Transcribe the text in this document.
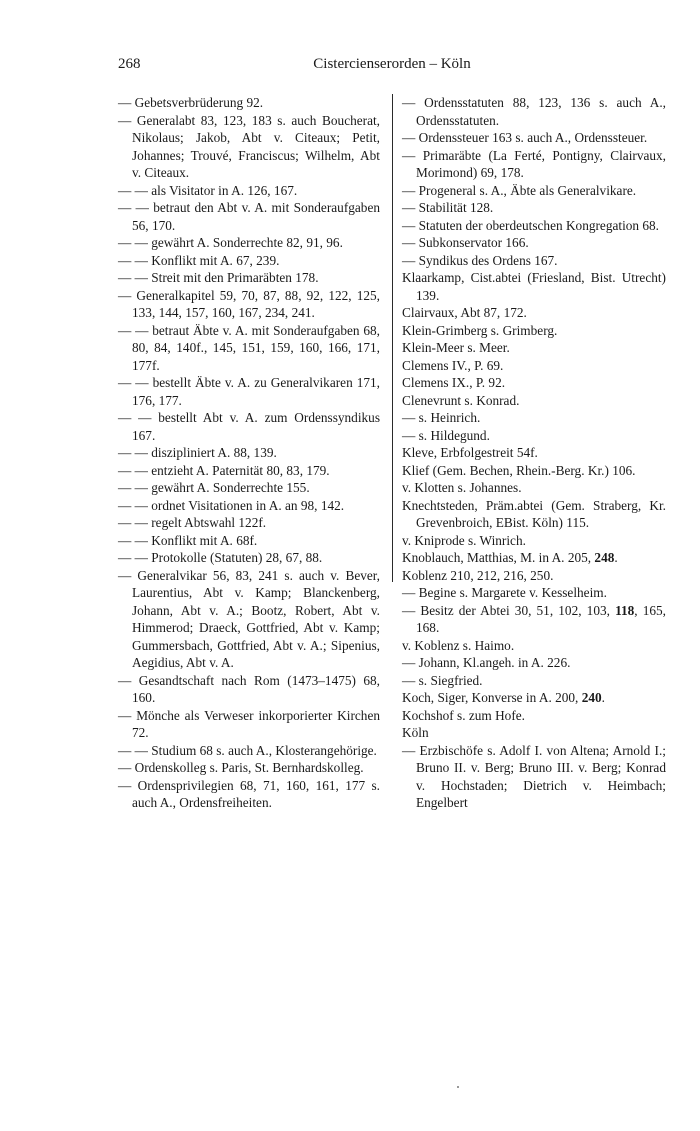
268	Cistercienserorden – Köln

— Gebetsverbrüderung 92.

— Generalabt 83, 123, 183 s. auch Boucherat, Nikolaus; Jakob, Abt v. Citeaux; Petit, Johannes; Trouvé, Franciscus; Wilhelm, Abt v. Citeaux.

— — als Visitator in A. 126, 167.

— — betraut den Abt v. A. mit Sonderaufgaben 56, 170.

— — gewährt A. Sonderrechte 82, 91, 96.

— — Konflikt mit A. 67, 239.

— — Streit mit den Primaräbten 178.

— Generalkapitel 59, 70, 87, 88, 92, 122, 125, 133, 144, 157, 160, 167, 234, 241.

— — betraut Äbte v. A. mit Sonderaufgaben 68, 80, 84, 140f., 145, 151, 159, 160, 166, 171, 177f.

— — bestellt Äbte v. A. zu Generalvikaren 171, 176, 177.

— — bestellt Abt v. A. zum Ordenssyndikus 167.

— — diszipliniert A. 88, 139.

— — entzieht A. Paternität 80, 83, 179.

— — gewährt A. Sonderrechte 155.

— — ordnet Visitationen in A. an 98, 142.

— — regelt Abtswahl 122f.

— — Konflikt mit A. 68f.

— — Protokolle (Statuten) 28, 67, 88.

— Generalvikar 56, 83, 241 s. auch v. Bever, Laurentius, Abt v. Kamp; Blanckenberg, Johann, Abt v. A.; Bootz, Robert, Abt v. Himmerod; Draeck, Gottfried, Abt v. Kamp; Gummersbach, Gottfried, Abt v. A.; Sipenius, Aegidius, Abt v. A.

— Gesandtschaft nach Rom (1473–1475) 68, 160.

— Mönche als Verweser inkorporierter Kirchen 72.

— — Studium 68 s. auch A., Klosterangehörige.

— Ordenskolleg s. Paris, St. Bernhardskolleg.

— Ordensprivilegien 68, 71, 160, 161, 177 s. auch A., Ordensfreiheiten.

— Ordensstatuten 88, 123, 136 s. auch A., Ordensstatuten.

— Ordenssteuer 163 s. auch A., Ordenssteuer.

— Primaräbte (La Ferté, Pontigny, Clairvaux, Morimond) 69, 178.

— Progeneral s. A., Äbte als Generalvikare.

— Stabilität 128.

— Statuten der oberdeutschen Kongregation 68.

— Subkonservator 166.

— Syndikus des Ordens 167.

Klaarkamp, Cist.abtei (Friesland, Bist. Utrecht) 139.

Clairvaux, Abt 87, 172.

Klein-Grimberg s. Grimberg.

Klein-Meer s. Meer.

Clemens IV., P. 69.

Clemens IX., P. 92.

Clenevrunt s. Konrad.

— s. Heinrich.

— s. Hildegund.

Kleve, Erbfolgestreit 54f.

Klief (Gem. Bechen, Rhein.-Berg. Kr.) 106.

v. Klotten s. Johannes.

Knechtsteden, Präm.abtei (Gem. Straberg, Kr. Grevenbroich, EBist. Köln) 115.

v. Kniprode s. Winrich.

Knoblauch, Matthias, M. in A. 205, 248.

Koblenz 210, 212, 216, 250.

— Begine s. Margarete v. Kesselheim.

— Besitz der Abtei 30, 51, 102, 103, 118, 165, 168.

v. Koblenz s. Haimo.

— Johann, Kl.angeh. in A. 226.

— s. Siegfried.

Koch, Siger, Konverse in A. 200, 240.

Kochshof s. zum Hofe.

Köln

— Erzbischöfe s. Adolf I. von Altena; Arnold I.; Bruno II. v. Berg; Bruno III. v. Berg; Konrad v. Hochstaden; Dietrich v. Heimbach; Engelbert
